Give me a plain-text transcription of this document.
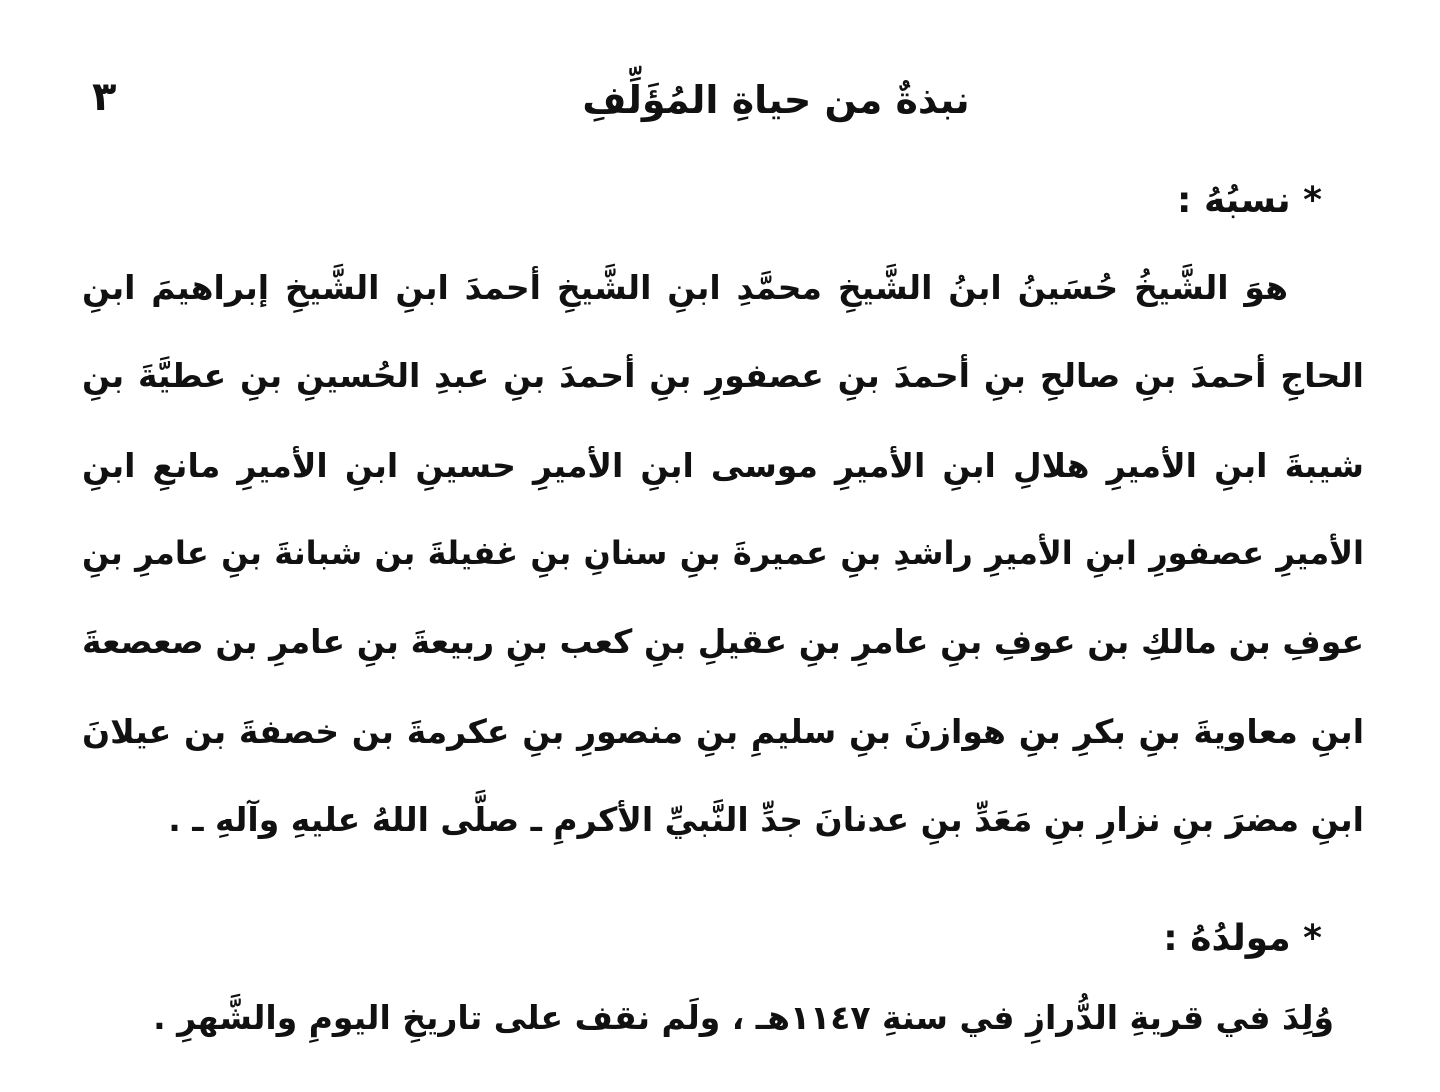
٣	نبذةٌ من حياةِ المُؤَلِّفِ
* نسبُهُ :
هوَ الشَّيخُ حُسَينُ ابنُ الشَّيخِ محمَّدِ ابنِ الشَّيخِ أحمدَ ابنِ الشَّيخِ إبراهيمَ ابنِ
الحاجِ أحمدَ بنِ صالحِ بنِ أحمدَ بنِ عصفورِ بنِ أحمدَ بنِ عبدِ الحُسينِ بنِ عطيَّةَ بنِ
شيبةَ ابنِ الأميرِ هلالِ ابنِ الأميرِ موسى ابنِ الأميرِ حسينِ ابنِ الأميرِ مانعِ ابنِ
الأميرِ عصفورِ ابنِ الأميرِ راشدِ بنِ عميرةَ بنِ سنانِ بنِ غفيلةَ بن شبانةَ بنِ عامرِ بنِ
عوفِ بن مالكِ بن عوفِ بنِ عامرِ بنِ عقيلِ بنِ كعب بنِ ربيعةَ بنِ عامرِ بن صعصعةَ
ابنِ معاويةَ بنِ بكرِ بنِ هوازنَ بنِ سليمِ بنِ منصورِ بنِ عكرمةَ بن خصفةَ بن عيلانَ
ابنِ مضرَ بنِ نزارِ بنِ مَعَدِّ بنِ عدنانَ جدِّ النَّبيِّ الأكرمِ ـ صلَّى اللهُ عليهِ وآلهِ ـ .
* مولدُهُ :
وُلِدَ في قريةِ الدُّرازِ في سنةِ ١١٤٧هـ ، ولَم نقف على تاريخِ اليومِ والشَّهرِ .
